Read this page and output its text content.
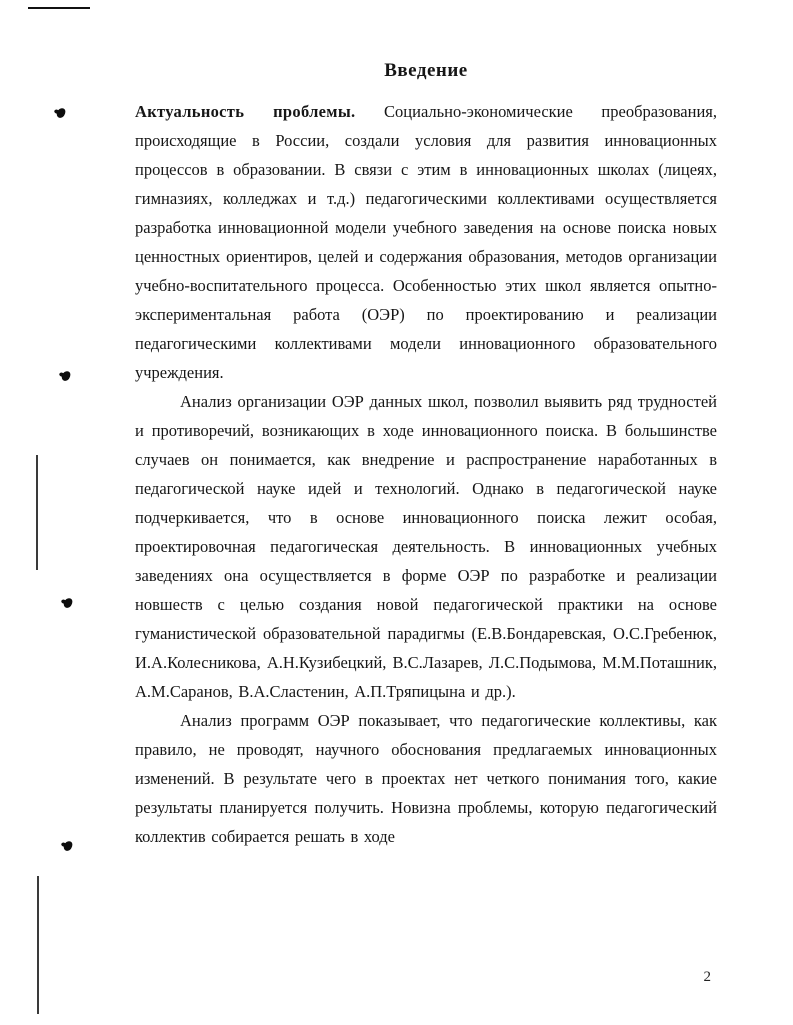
Введение

Актуальность проблемы. Социально-экономические преобразования, происходящие в России, создали условия для развития инновационных процессов в образовании. В связи с этим в инновационных школах (лицеях, гимназиях, колледжах и т.д.) педагогическими коллективами осуществляется разработка инновационной модели учебного заведения на основе поиска новых ценностных ориентиров, целей и содержания образования, методов организации учебно-воспитательного процесса. Особенностью этих школ является опытно-экспериментальная работа (ОЭР) по проектированию и реализации педагогическими коллективами модели инновационного образовательного учреждения.

Анализ организации ОЭР данных школ, позволил выявить ряд трудностей и противоречий, возникающих в ходе инновационного поиска. В большинстве случаев он понимается, как внедрение и распространение наработанных в педагогической науке идей и технологий. Однако в педагогической науке подчеркивается, что в основе инновационного поиска лежит особая, проектировочная педагогическая деятельность. В инновационных учебных заведениях она осуществляется в форме ОЭР по разработке и реализации новшеств с целью создания новой педагогической практики на основе гуманистической образовательной парадигмы (Е.В.Бондаревская, О.С.Гребенюк, И.А.Колесникова, А.Н.Кузибецкий, В.С.Лазарев, Л.С.Подымова, М.М.Поташник, А.М.Саранов, В.А.Сластенин, А.П.Тряпицына и др.).

Анализ программ ОЭР показывает, что педагогические коллективы, как правило, не проводят, научного обоснования предлагаемых инновационных изменений. В результате чего в проектах нет четкого понимания того, какие результаты планируется получить. Новизна проблемы, которую педагогический коллектив собирается решать в ходе

2
